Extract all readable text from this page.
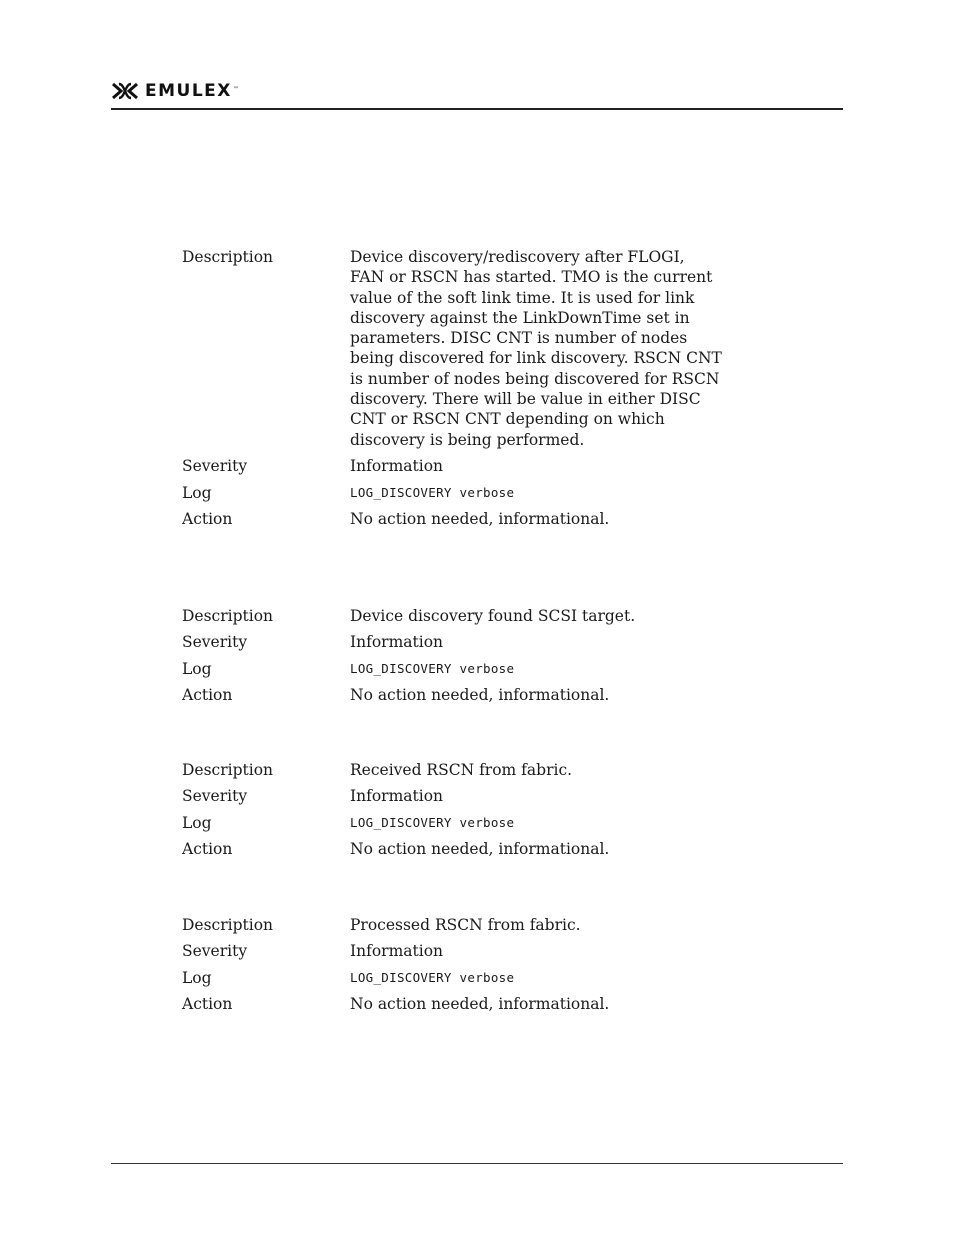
EMULEX ™
Description	Device discovery/rediscovery after FLOGI, FAN or RSCN has started. TMO is the current value of the soft link time. It is used for link discovery against the LinkDownTime set in parameters. DISC CNT is number of nodes being discovered for link discovery. RSCN CNT is number of nodes being discovered for RSCN discovery. There will be value in either DISC CNT or RSCN CNT depending on which discovery is being performed.
Severity	Information
Log	LOG_DISCOVERY verbose
Action	No action needed, informational.
Description	Device discovery found SCSI target.
Severity	Information
Log	LOG_DISCOVERY verbose
Action	No action needed, informational.
Description	Received RSCN from fabric.
Severity	Information
Log	LOG_DISCOVERY verbose
Action	No action needed, informational.
Description	Processed RSCN from fabric.
Severity	Information
Log	LOG_DISCOVERY verbose
Action	No action needed, informational.
